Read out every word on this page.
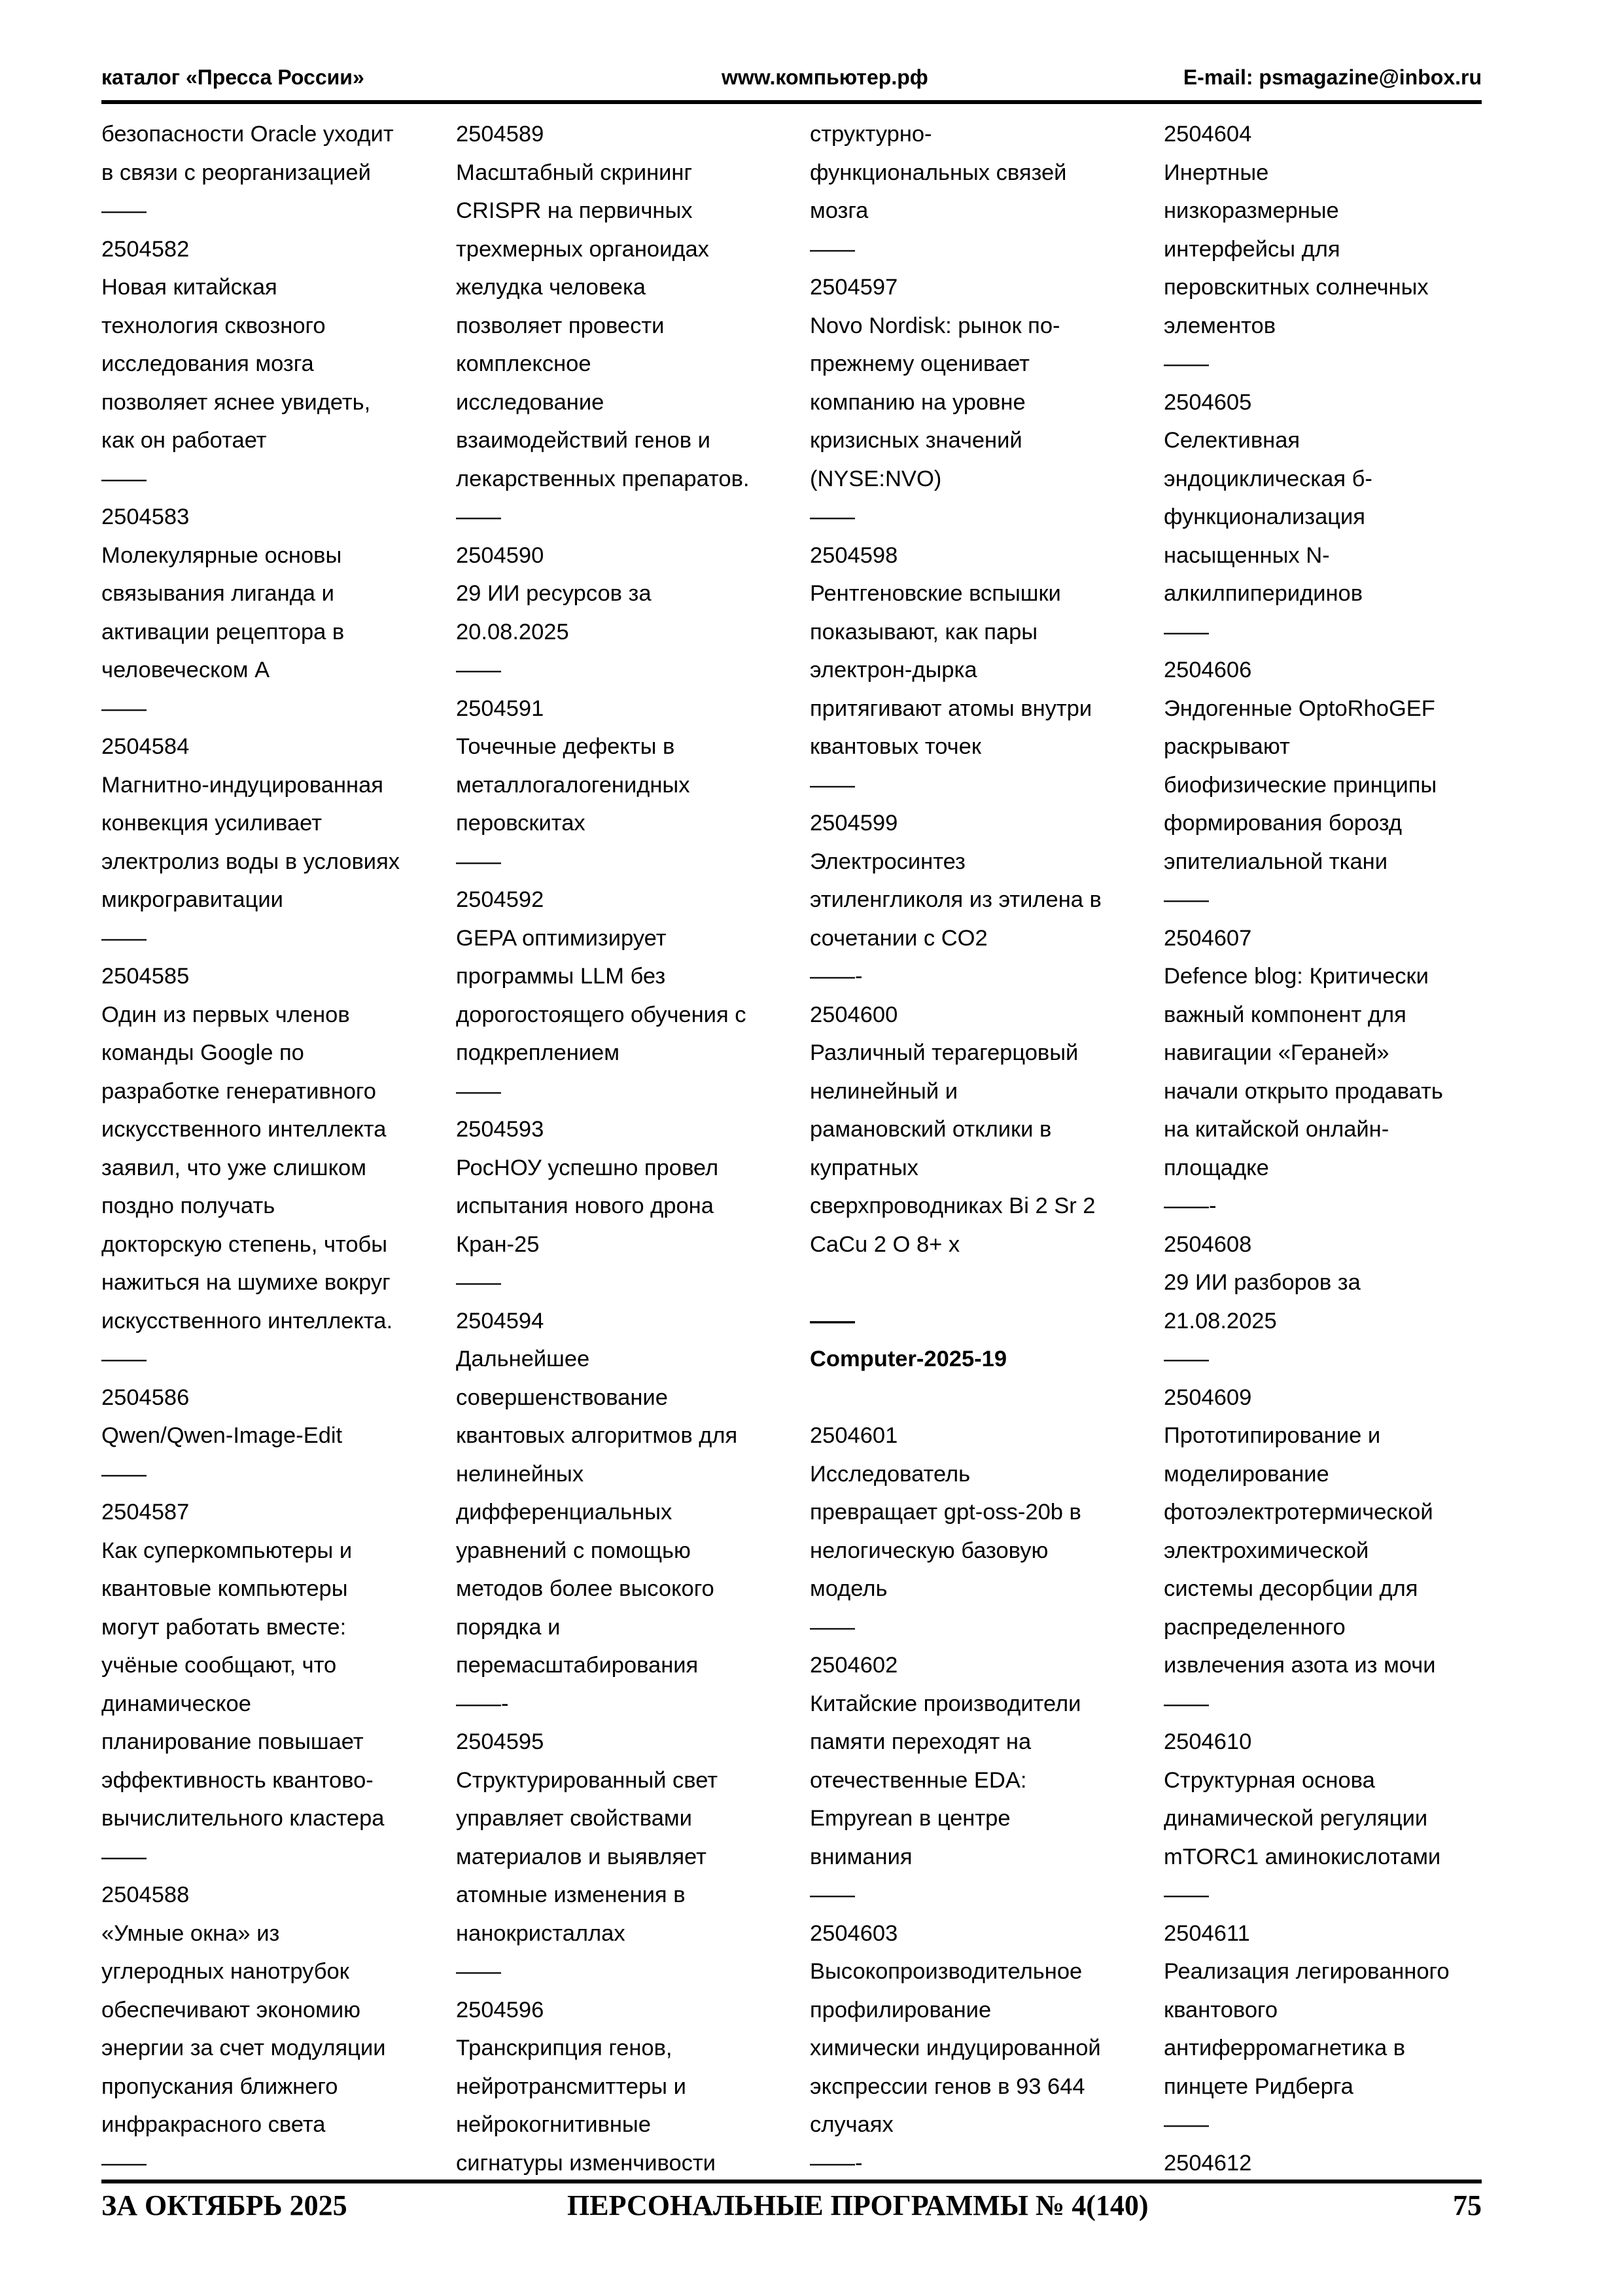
каталог «Пресса России»	www.компьютер.рф	E-mail: psmagazine@inbox.ru
безопасности Oracle уходит
в связи с реорганизацией
——
2504582
Новая китайская
технология сквозного
исследования мозга
позволяет яснее увидеть,
как он работает
——
2504583
Молекулярные основы
связывания лиганда и
активации рецептора в
человеческом А
——
2504584
Магнитно-индуцированная
конвекция усиливает
электролиз воды в условиях
микрогравитации
——
2504585
Один из первых членов
команды Google по
разработке генеративного
искусственного интеллекта
заявил, что уже слишком
поздно получать
докторскую степень, чтобы
нажиться на шумихе вокруг
искусственного интеллекта.
——
2504586
Qwen/Qwen-Image-Edit
——
2504587
Как суперкомпьютеры и
квантовые компьютеры
могут работать вместе:
учёные сообщают, что
динамическое
планирование повышает
эффективность квантово-
вычислительного кластера
——
2504588
«Умные окна» из
углеродных нанотрубок
обеспечивают экономию
энергии за счет модуляции
пропускания ближнего
инфракрасного света
——
2504589
Масштабный скрининг
CRISPR на первичных
трехмерных органоидах
желудка человека
позволяет провести
комплексное
исследование
взаимодействий генов и
лекарственных препаратов.
——
2504590
29 ИИ ресурсов за
20.08.2025
——
2504591
Точечные дефекты в
металлогалогенидных
перовскитах
——
2504592
GEPA оптимизирует
программы LLM без
дорогостоящего обучения с
подкреплением
——
2504593
РосНОУ успешно провел
испытания нового дрона
Кран-25
——
2504594
Дальнейшее
совершенствование
квантовых алгоритмов для
нелинейных
дифференциальных
уравнений с помощью
методов более высокого
порядка и
перемасштабирования
——-
2504595
Структурированный свет
управляет свойствами
материалов и выявляет
атомные изменения в
нанокристаллах
——
2504596
Транскрипция генов,
нейротрансмиттеры и
нейрокогнитивные
сигнатуры изменчивости
структурно-
функциональных связей
мозга
——
2504597
Novo Nordisk: рынок по-
прежнему оценивает
компанию на уровне
кризисных значений
(NYSE:NVO)
——
2504598
Рентгеновские вспышки
показывают, как пары
электрон-дырка
притягивают атомы внутри
квантовых точек
——
2504599
Электросинтез
этиленгликоля из этилена в
сочетании с CO2
——-
2504600
Различный терагерцовый
нелинейный и
рамановский отклики в
купратных
сверхпроводниках Bi 2 Sr 2
CaCu 2 O 8+ x
——
Computer-2025-19
2504601
Исследователь
превращает gpt-oss-20b в
нелогическую базовую
модель
——
2504602
Китайские производители
памяти переходят на
отечественные EDA:
Empyrean в центре
внимания
——
2504603
Высокопроизводительное
профилирование
химически индуцированной
экспрессии генов в 93 644
случаях
——-
2504604
Инертные
низкоразмерные
интерфейсы для
перовскитных солнечных
элементов
——
2504605
Селективная
эндоциклическая б-
функционализация
насыщенных N-
алкилпиперидинов
——
2504606
Эндогенные OptoRhoGEF
раскрывают
биофизические принципы
формирования борозд
эпителиальной ткани
——
2504607
Defence blog: Критически
важный компонент для
навигации «Гераней»
начали открыто продавать
на китайской онлайн-
площадке
——-
2504608
29 ИИ разборов за
21.08.2025
——
2504609
Прототипирование и
моделирование
фотоэлектротермической
электрохимической
системы десорбции для
распределенного
извлечения азота из мочи
——
2504610
Структурная основа
динамической регуляции
mTORC1 аминокислотами
——
2504611
Реализация легированного
квантового
антиферромагнетика в
пинцете Ридберга
——
2504612
ЗА ОКТЯБРЬ 2025	ПЕРСОНАЛЬНЫЕ ПРОГРАММЫ № 4(140)	75
